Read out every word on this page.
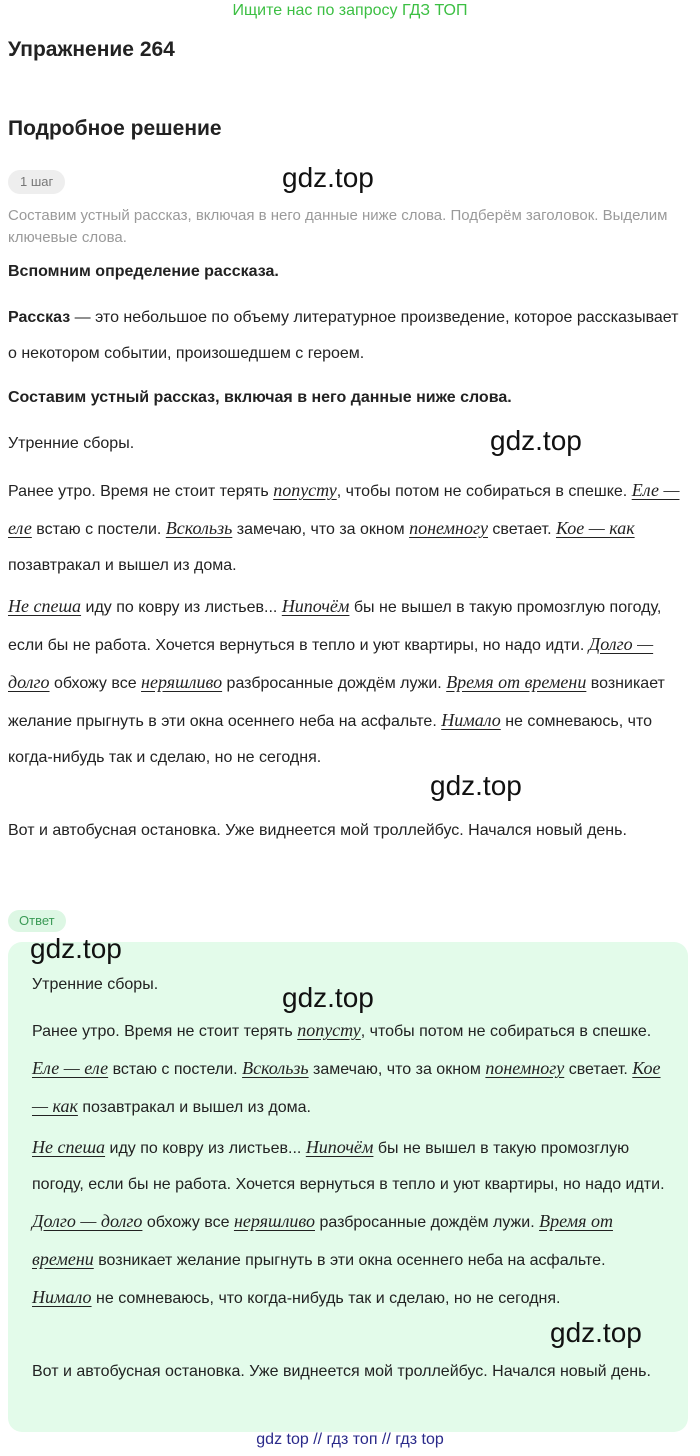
Ищите нас по запросу ГДЗ ТОП
Упражнение 264
Подробное решение
1 шаг	gdz.top
Составим устный рассказ, включая в него данные ниже слова. Подберём заголовок. Выделим ключевые слова.
Вспомним определение рассказа.
Рассказ — это небольшое по объему литературное произведение, которое рассказывает о некотором событии, произошедшем с героем.
Составим устный рассказ, включая в него данные ниже слова.
Утренние сборы.	gdz.top
Ранее утро. Время не стоит терять попусту, чтобы потом не собираться в спешке. Еле — еле встаю с постели. Вскользь замечаю, что за окном понемногу светает. Кое — как позавтракал и вышел из дома.
Не спеша иду по ковру из листьев... Нипочём бы не вышел в такую промозглую погоду, если бы не работа. Хочется вернуться в тепло и уют квартиры, но надо идти. Долго — долго обхожу все неряшливо разбросанные дождём лужи. Время от времени возникает желание прыгнуть в эти окна осеннего неба на асфальте. Нимало не сомневаюсь, что когда-нибудь так и сделаю, но не сегодня.
gdz.top
Вот и автобусная остановка. Уже виднеется мой троллейбус. Начался новый день.
Ответ
gdz.top
gdz.top
Утренние сборы.
Ранее утро. Время не стоит терять попусту, чтобы потом не собираться в спешке. Еле — еле встаю с постели. Вскользь замечаю, что за окном понемногу светает. Кое — как позавтракал и вышел из дома.
Не спеша иду по ковру из листьев... Нипочём бы не вышел в такую промозглую погоду, если бы не работа. Хочется вернуться в тепло и уют квартиры, но надо идти. Долго — долго обхожу все неряшливо разбросанные дождём лужи. Время от времени возникает желание прыгнуть в эти окна осеннего неба на асфальте. Нимало не сомневаюсь, что когда-нибудь так и сделаю, но не сегодня.
gdz.top
Вот и автобусная остановка. Уже виднеется мой троллейбус. Начался новый день.
gdz top // гдз топ // гдз top
